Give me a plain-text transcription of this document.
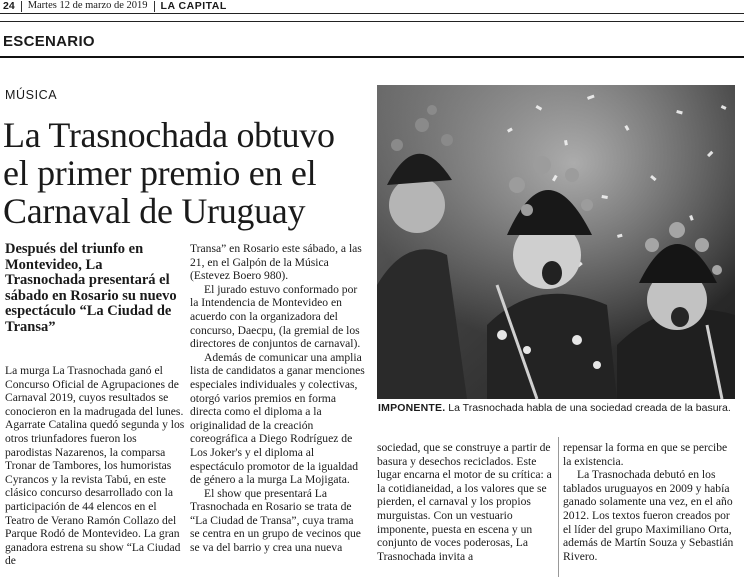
24 Martes 12 de marzo de 2019 LA CAPITAL
ESCENARIO
MÚSICA
La Trasnochada obtuvo
el primer premio en el
Carnaval de Uruguay
IMPONENTE. La Trasnochada habla de una sociedad creada de la basura.
Después del triunfo en Montevideo, La Trasnochada presentará el sábado en Rosario su nuevo espectáculo “La Ciudad de Transa”

La murga La Trasnochada ganó el Concurso Oficial de Agrupaciones de Carnaval 2019, cuyos resultados se conocieron en la madrugada del lunes. Agarrate Catalina quedó segunda y los otros triunfadores fueron los parodistas Nazarenos, la comparsa Tronar de Tambores, los humoristas Cyrancos y la revista Tabú, en este clásico concurso desarrollado con la participación de 44 elencos en el Teatro de Verano Ramón Collazo del Parque Rodó de Montevideo. La gran ganadora estrena su show “La Ciudad de

Transa” en Rosario este sábado, a las 21, en el Galpón de la Música (Estevez Boero 980).

El jurado estuvo conformado por la Intendencia de Montevideo en acuerdo con la organizadora del concurso, Daecpu, (la gremial de los directores de conjuntos de carnaval).

Además de comunicar una amplia lista de candidatos a ganar menciones especiales individuales y colectivas, otorgó varios premios en forma directa como el diploma a la originalidad de la creación coreográfica a Diego Rodríguez de Los Joker's y el diploma al espectáculo promotor de la igualdad de género a la murga La Mojigata.

El show que presentará La Trasnochada en Rosario se trata de “La Ciudad de Transa”, cuya trama se centra en un grupo de vecinos que se va del barrio y crea una nueva

sociedad, que se construye a partir de basura y desechos reciclados. Este lugar encarna el motor de su crítica: a la cotidianeidad, a los valores que se pierden, el carnaval y los propios murguistas. Con un vestuario imponente, puesta en escena y un conjunto de voces poderosas, La Trasnochada invita a

repensar la forma en que se percibe la existencia.

La Trasnochada debutó en los tablados uruguayos en 2009 y había ganado solamente una vez, en el año 2012. Los textos fueron creados por el líder del grupo Maximiliano Orta, además de Martín Souza y Sebastián Rivero.
